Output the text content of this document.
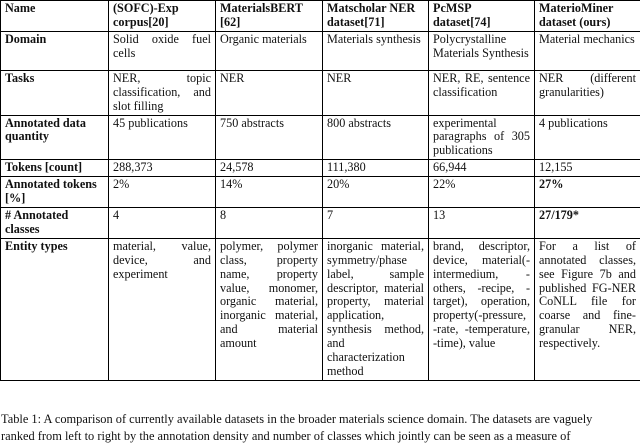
Name	(SOFC)-Exp corpus[20]	MaterialsBERT [62]	Matscholar NER dataset[71]	PcMSP dataset[74]	MaterioMiner dataset (ours)
Domain	Solid oxide fuel cells	Organic materials	Materials synthesis	Polycrystalline Materials Synthesis	Material mechanics
Tasks	NER, topic classification, and slot filling	NER	NER	NER, RE, sentence classification	NER (different granularities)
Annotated data quantity	45 publications	750 abstracts	800 abstracts	experimental paragraphs of 305 publications	4 publications
Tokens [count]	288,373	24,578	111,380	66,944	12,155
Annotated tokens [%]	2%	14%	20%	22%	27%
# Annotated classes	4	8	7	13	27/179*
Entity types	material, value, device, and experiment	polymer, polymer class, property name, property value, monomer, organic material, inorganic material, and material amount	inorganic material, symmetry/phase label, sample descriptor, material property, material application, synthesis method, and characterization method	brand, descriptor, device, material(-intermedium, -others, -recipe, -target), operation, property(-pressure, -rate, -temperature, -time), value	For a list of annotated classes, see Figure 7b and published FG-NER CoNLL file for coarse and fine-granular NER, respectively.
Table 1: A comparison of currently available datasets in the broader materials science domain. The datasets are vaguely
ranked from left to right by the annotation density and number of classes which jointly can be seen as a measure of
